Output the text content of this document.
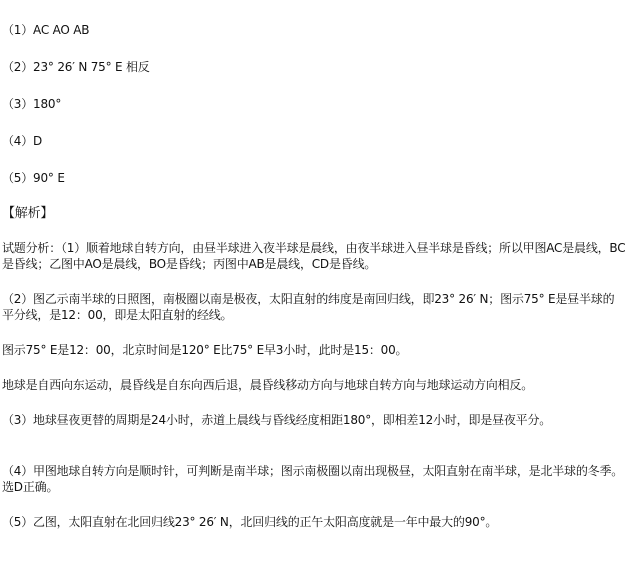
（1）AC AO AB
（2）23° 26′ N 75° E 相反
（3）180°
（4）D
（5）90° E
【解析】
试题分析：（1）顺着地球自转方向，由昼半球进入夜半球是晨线，由夜半球进入昼半球是昏线；所以甲图AC是晨线，BC是昏线；乙图中AO是晨线，BO是昏线；丙图中AB是晨线，CD是昏线。
（2）图乙示南半球的日照图，南极圈以南是极夜，太阳直射的纬度是南回归线，即23° 26′ N；图示75° E是昼半球的平分线，是12：00，即是太阳直射的经线。
图示75° E是12：00，北京时间是120° E比75° E早3小时，此时是15：00。
地球是自西向东运动，晨昏线是自东向西后退，晨昏线移动方向与地球自转方向与地球运动方向相反。
（3）地球昼夜更替的周期是24小时，赤道上晨线与昏线经度相距180°，即相差12小时，即是昼夜平分。
（4）甲图地球自转方向是顺时针，可判断是南半球；图示南极圈以南出现极昼，太阳直射在南半球，是北半球的冬季。选D正确。
（5）乙图，太阳直射在北回归线23° 26′ N，北回归线的正午太阳高度就是一年中最大的90°。
